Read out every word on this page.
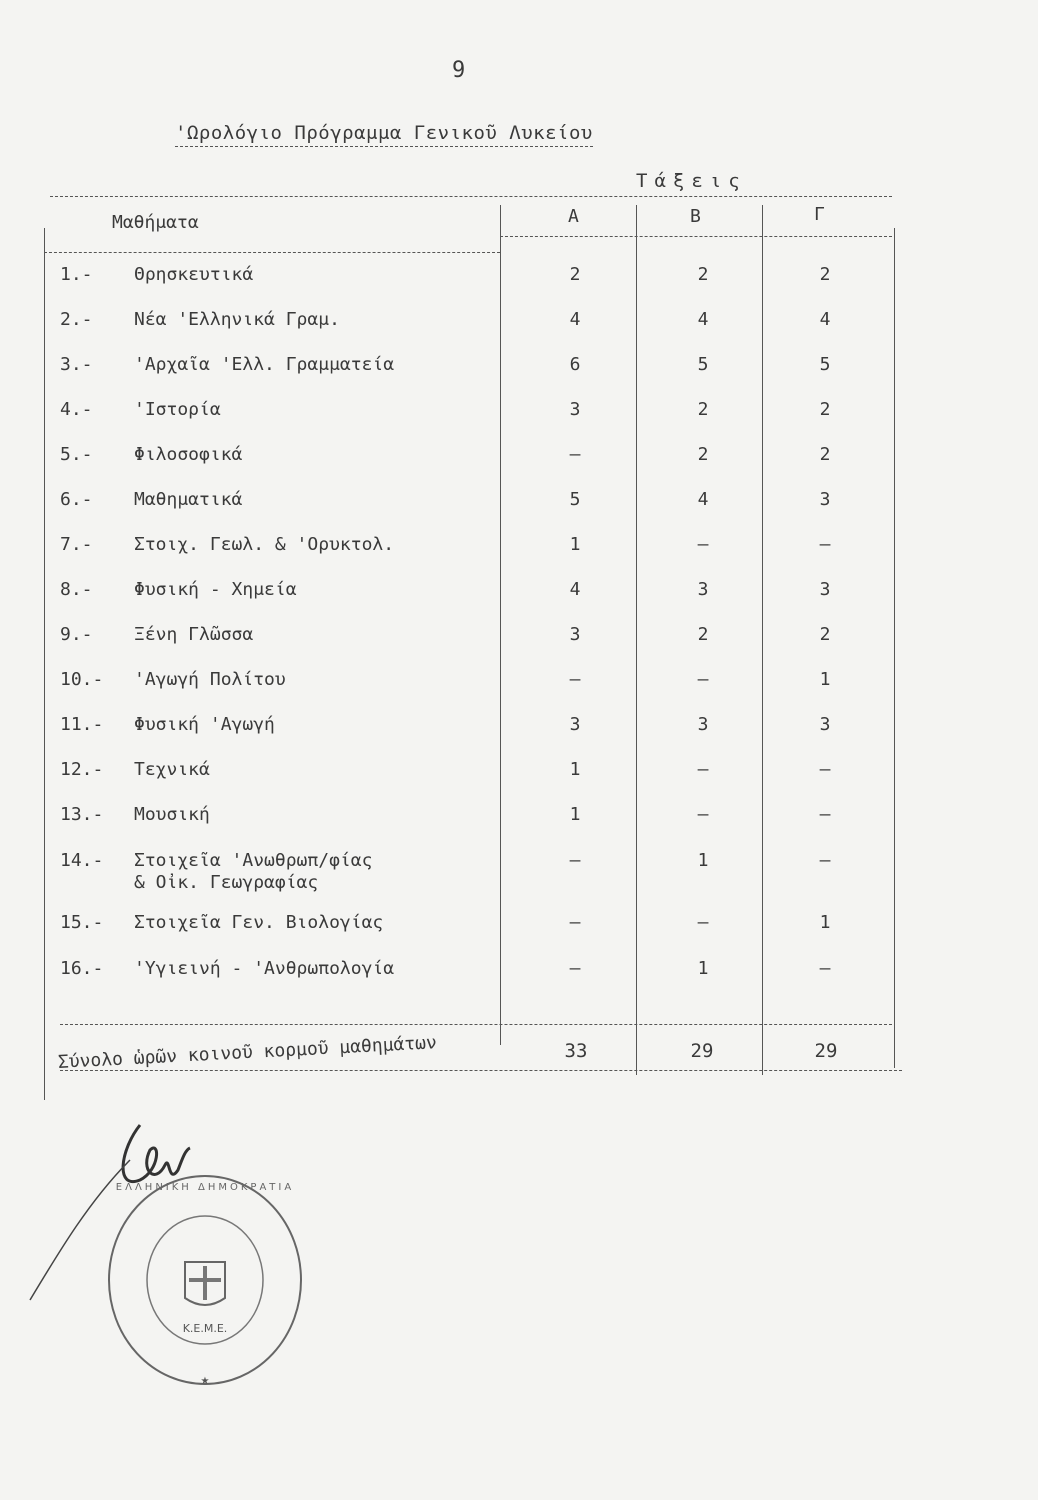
9
'Ωρολόγιο Πρόγραμμα Γενικοῦ Λυκείου
Τάξεις
Μαθήματα	Α	Β	Γ
1.- Θρησκευτικά	2	2	2
2.- Νέα 'Ελληνικά Γραμ.	4	4	4
3.- 'Αρχαῖα 'Ελλ. Γραμματεία	6	5	5
4.- 'Ιστορία	3	2	2
5.- Φιλοσοφικά	–	2	2
6.- Μαθηματικά	5	4	3
7.- Στοιχ. Γεωλ. & 'Ορυκτολ.	1	–	–
8.- Φυσική - Χημεία	4	3	3
9.- Ξένη Γλῶσσα	3	2	2
10.- 'Αγωγή Πολίτου	–	–	1
11.- Φυσική 'Αγωγή	3	3	3
12.- Τεχνικά	1	–	—
13.- Μουσική	1	–	–
14.- Στοιχεῖα 'Ανωθρωπ/φίας
& Οἰκ. Γεωγραφίας
–	1	–
15.- Στοιχεῖα Γεν. Βιολογίας	–	–	1
16.- 'Υγιεινή - 'Ανθρωπολογία	–	1	–
Σύνολο ὡρῶν κοινοῦ κορμοῦ μαθημάτων	33	29	29
Κ.Ε.Μ.Ε.
ΕΛΛΗΝΙΚΗ ΔΗΜΟΚΡΑΤΙΑ
★
